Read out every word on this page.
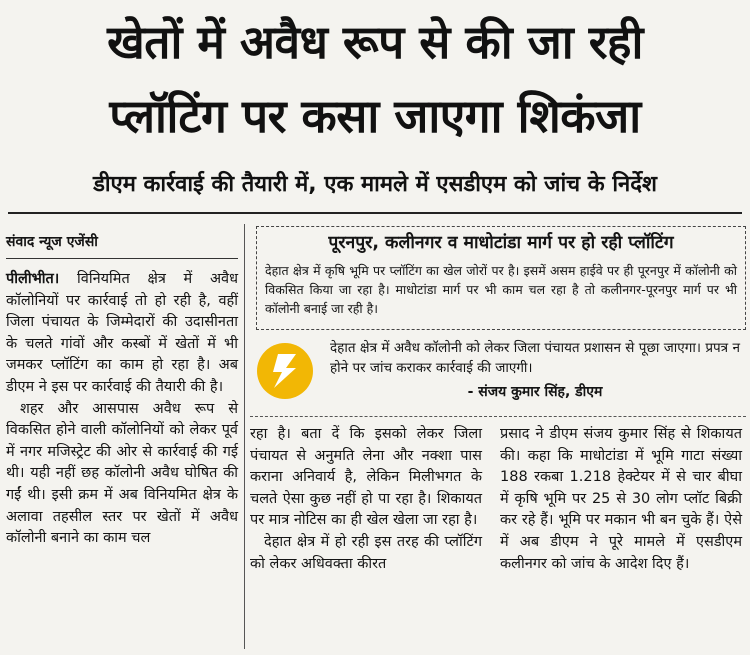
खेतों में अवैध रूप से की जा रही
प्लॉटिंग पर कसा जाएगा शिकंजा
डीएम कार्रवाई की तैयारी में, एक मामले में एसडीएम को जांच के निर्देश

संवाद न्यूज एजेंसी

पीलीभीत। विनियमित क्षेत्र में अवैध कॉलोनियों पर कार्रवाई तो हो रही है, वहीं जिला पंचायत के जिम्मेदारों की उदासीनता के चलते गांवों और कस्बों में खेतों में भी जमकर प्लॉटिंग का काम हो रहा है। अब डीएम ने इस पर कार्रवाई की तैयारी की है।

शहर और आसपास अवैध रूप से विकसित होने वाली कॉलोनियों को लेकर पूर्व में नगर मजिस्ट्रेट की ओर से कार्रवाई की गई थी। यही नहीं छह कॉलोनी अवैध घोषित की गईं थी। इसी क्रम में अब विनियमित क्षेत्र के अलावा तहसील स्तर पर खेतों में अवैध कॉलोनी बनाने का काम चल

पूरनपुर, कलीनगर व माधोटांडा मार्ग पर हो रही प्लॉटिंग
देहात क्षेत्र में कृषि भूमि पर प्लॉटिंग का खेल जोरों पर है। इसमें असम हाईवे पर ही पूरनपुर में कॉलोनी को विकसित किया जा रहा है। माधोटांडा मार्ग पर भी काम चल रहा है तो कलीनगर-पूरनपुर मार्ग पर भी कॉलोनी बनाई जा रही है।
देहात क्षेत्र में अवैध कॉलोनी को लेकर जिला पंचायत प्रशासन से पूछा जाएगा। प्रपत्र न होने पर जांच कराकर कार्रवाई की जाएगी।
- संजय कुमार सिंह, डीएम

रहा है। बता दें कि इसको लेकर जिला पंचायत से अनुमति लेना और नक्शा पास कराना अनिवार्य है, लेकिन मिलीभगत के चलते ऐसा कुछ नहीं हो पा रहा है। शिकायत पर मात्र नोटिस का ही खेल खेला जा रहा है।

देहात क्षेत्र में हो रही इस तरह की प्लॉटिंग को लेकर अधिवक्ता कीरत

प्रसाद ने डीएम संजय कुमार सिंह से शिकायत की। कहा कि माधोटांडा में भूमि गाटा संख्या 188 रकबा 1.218 हेक्टेयर में से चार बीघा में कृषि भूमि पर 25 से 30 लोग प्लॉट बिक्री कर रहे हैं। भूमि पर मकान भी बन चुके हैं। ऐसे में अब डीएम ने पूरे मामले में एसडीएम कलीनगर को जांच के आदेश दिए हैं।
